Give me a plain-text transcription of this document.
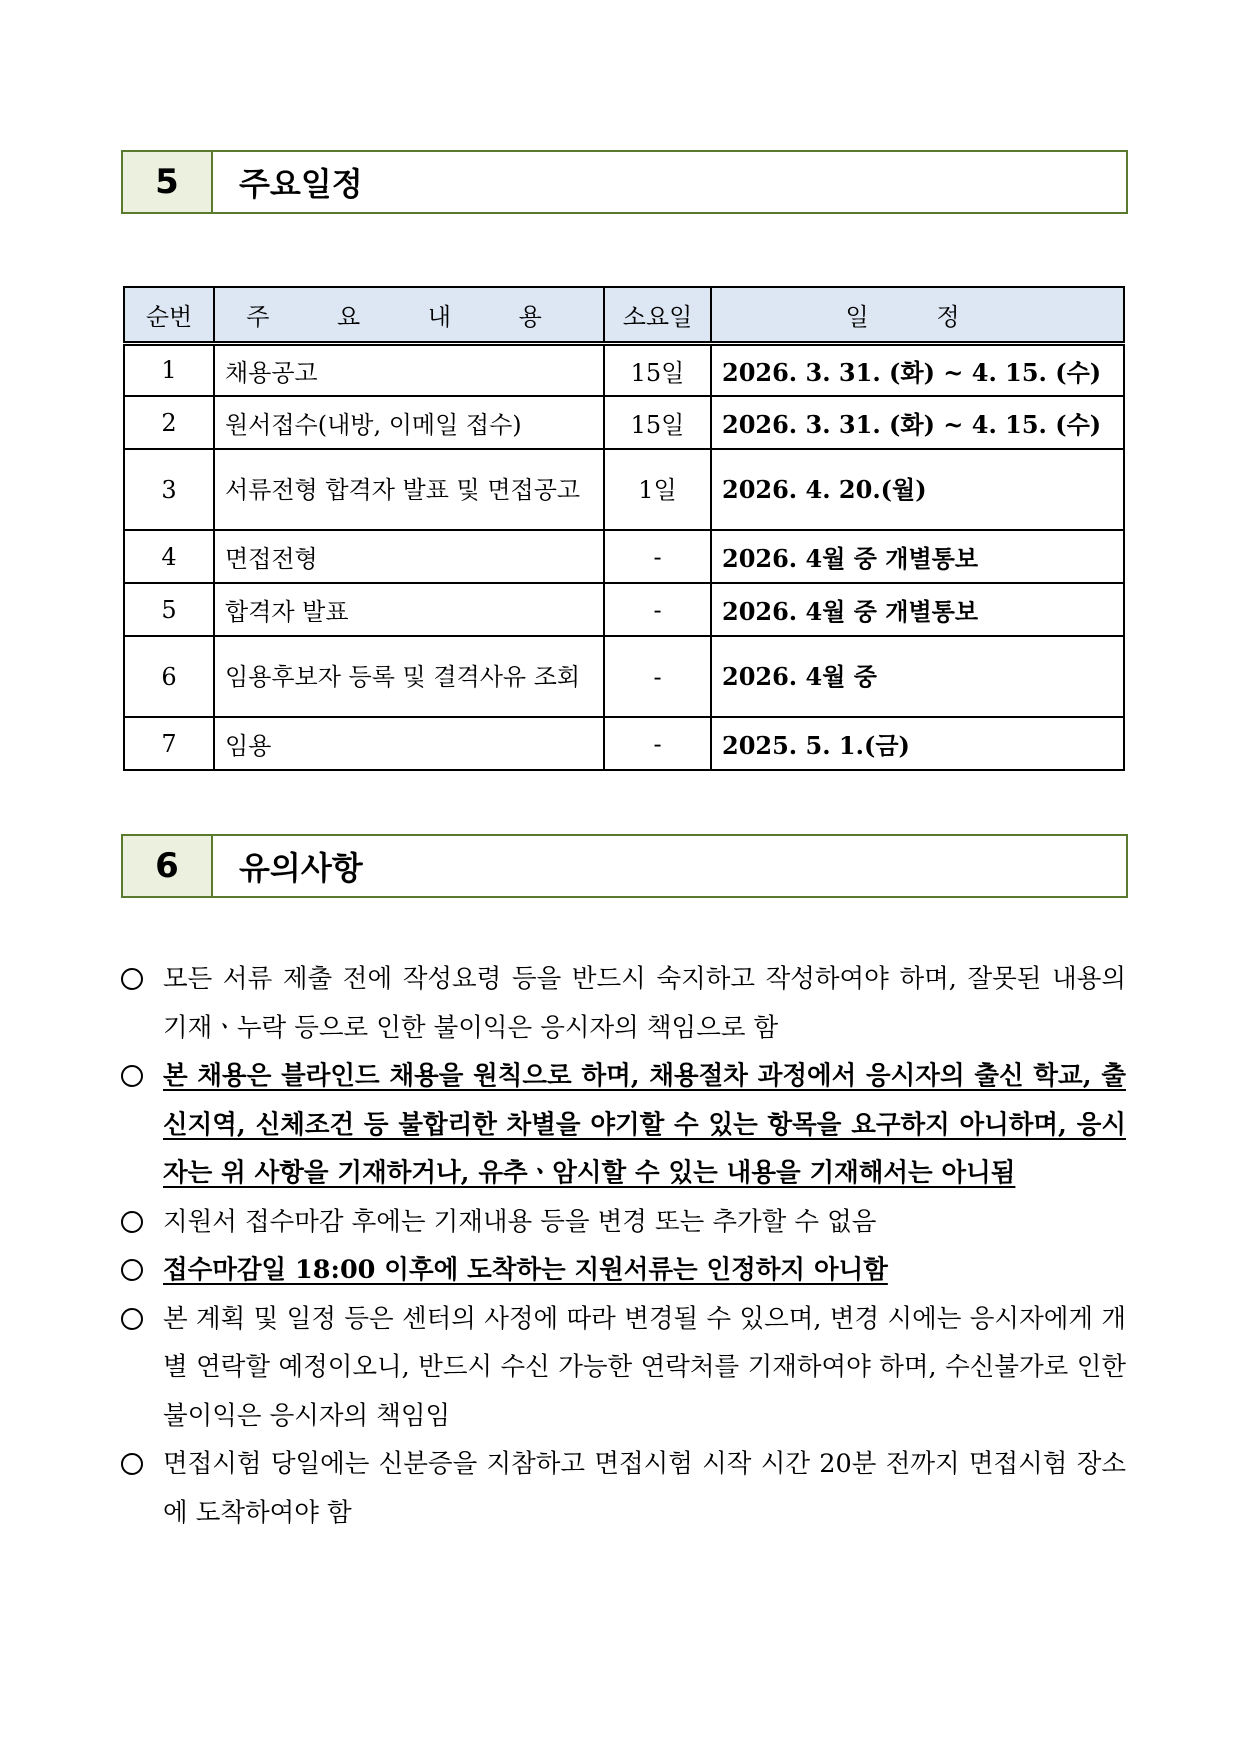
5	주요일정
순번	주 요 내 용	소요일	일 정
1	채용공고	15일	2026. 3. 31. (화) ~ 4. 15. (수)
2	원서접수(내방, 이메일 접수)	15일	2026. 3. 31. (화) ~ 4. 15. (수)
3	서류전형 합격자 발표 및 면접공고	1일	2026. 4. 20.(월)
4	면접전형	-	2026. 4월 중 개별통보
5	합격자 발표	-	2026. 4월 중 개별통보
6	임용후보자 등록 및 결격사유 조회	-	2026. 4월 중
7	임용	-	2025. 5. 1.(금)
6	유의사항
모든 서류 제출 전에 작성요령 등을 반드시 숙지하고 작성하여야 하며, 잘못된 내용의 기재ㆍ누락 등으로 인한 불이익은 응시자의 책임으로 함
본 채용은 블라인드 채용을 원칙으로 하며, 채용절차 과정에서 응시자의 출신 학교, 출신지역, 신체조건 등 불합리한 차별을 야기할 수 있는 항목을 요구하지 아니하며, 응시자는 위 사항을 기재하거나, 유추ㆍ암시할 수 있는 내용을 기재해서는 아니됨
지원서 접수마감 후에는 기재내용 등을 변경 또는 추가할 수 없음
접수마감일 18:00 이후에 도착하는 지원서류는 인정하지 아니함
본 계획 및 일정 등은 센터의 사정에 따라 변경될 수 있으며, 변경 시에는 응시자에게 개별 연락할 예정이오니, 반드시 수신 가능한 연락처를 기재하여야 하며, 수신불가로 인한 불이익은 응시자의 책임임
면접시험 당일에는 신분증을 지참하고 면접시험 시작 시간 20분 전까지 면접시험 장소에 도착하여야 함
